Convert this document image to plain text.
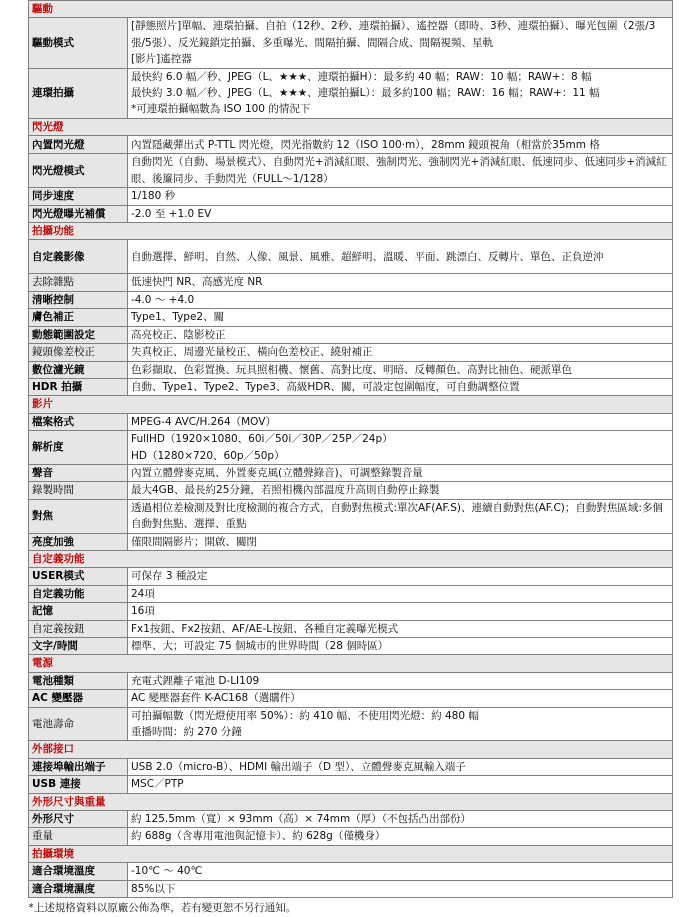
驅動	
驅動模式	[靜態照片]單幅、連環拍攝、自拍（12秒、2秒、連環拍攝）、遙控器（即時、3秒、連環拍攝）、曝光包圍（2張/3張/5張）、反光鏡鎖定拍攝、多重曝光、間隔拍攝、間隔合成、間隔視頻、星軌
[影片]遙控器

連環拍攝	最快約 6.0 幅／秒、JPEG（L、★★★、連環拍攝H）：最多約 40 幅；RAW：10 幅；RAW+：8 幅
最快約 3.0 幅／秒、JPEG（L、★★★、連環拍攝L）：最多約100 幅；RAW：16 幅；RAW+：11 幅
*可連環拍攝幅數為 ISO 100 的情況下

閃光燈	
內置閃光燈	內置隱藏彈出式 P-TTL 閃光燈，閃光指數約 12（ISO 100‧m），28mm 鏡頭視角（相當於35mm 格

閃光燈模式	自動閃光（自動、場景模式）、自動閃光+消減紅眼、強制閃光、強制閃光+消減紅眼、低速同步、低速同步+消減紅眼、後簾同步、手動閃光（FULL～1/128）

同步速度	1/180 秒

閃光燈曝光補償	-2.0 至 +1.0 EV

拍攝功能	
自定義影像	自動選擇、鮮明、自然、人像、風景、風雅、超鮮明、溫暖、平面、跳漂白、反轉片、單色、正負逆沖

去除雜點	低速快門 NR、高感光度 NR

清晰控制	-4.0 ～ +4.0

膚色補正	Type1、Type2、關

動態範圍設定	高亮校正、陰影校正

鏡頭像差校正	失真校正、周邊光量校正、橫向色差校正、繞射補正

數位濾光鏡	色彩擷取、色彩置換、玩具照相機、懷舊、高對比度、明暗、反轉顏色、高對比抽色、硬派單色

HDR 拍攝	自動、Type1、Type2、Type3、高級HDR、關，可設定包圍幅度，可自動調整位置

影片	
檔案格式	MPEG-4 AVC/H.264（MOV）

解析度	FullHD（1920×1080、60i／50i／30P／25P／24p）
HD（1280×720、60p／50p）

聲音	內置立體聲麥克風、外置麥克風(立體聲錄音)、可調整錄製音量

錄製時間	最大4GB、最長約25分鐘，若照相機內部溫度升高則自動停止錄製

對焦	透過相位差檢測及對比度檢測的複合方式，自動對焦模式:單次AF(AF.S)、連續自動對焦(AF.C)；自動對焦區域:多個自動對焦點、選擇、重點

亮度加強	僅限間隔影片；開啟、關閉

自定義功能	
USER模式	可保存 3 種設定

自定義功能	24項

記憶	16項

自定義按鈕	Fx1按鈕、Fx2按鈕、AF/AE-L按鈕、各種自定義曝光模式

文字/時間	標準、大；可設定 75 個城市的世界時間（28 個時區）

電源	
電池種類	充電式鋰離子電池 D-LI109

AC 變壓器	AC 變壓器套件 K-AC168（選購件）

電池壽命	可拍攝幅數（閃光燈使用率 50%）：約 410 幅、不使用閃光燈：約 480 幅
重播時間：約 270 分鐘

外部接口	
連接埠輸出端子	USB 2.0（micro-B）、HDMI 輸出端子（D 型）、立體聲麥克風輸入端子

USB 連接	MSC／PTP

外形尺寸與重量	
外形尺寸	約 125.5mm（寬）× 93mm（高）× 74mm（厚）（不包括凸出部份）

重量	約 688g（含專用電池與記憶卡）、約 628g（僅機身）

拍攝環境	
適合環境溫度	-10℃ ～ 40℃

適合環境濕度	85%以下

*上述規格資料以原廠公佈為準，若有變更恕不另行通知。	
